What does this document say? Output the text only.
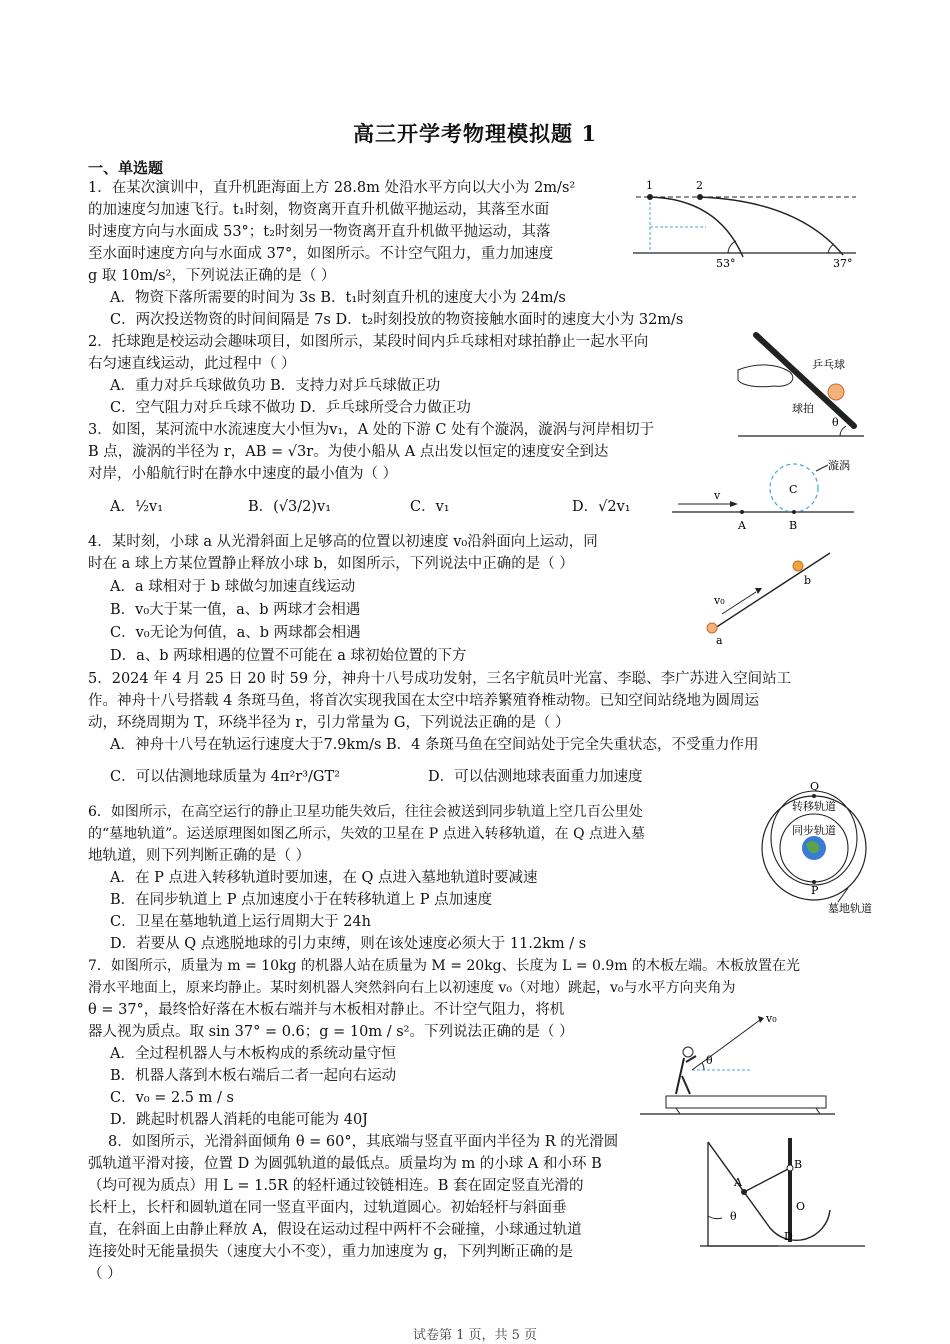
高三开学考物理模拟题 1
一、单选题
1．在某次演训中，直升机距海面上方 28.8m 处沿水平方向以大小为 2m/s²
的加速度匀加速飞行。t₁时刻，物资离开直升机做平抛运动，其落至水面
时速度方向与水面成 53°；t₂时刻另一物资离开直升机做平抛运动，其落
至水面时速度方向与水面成 37°，如图所示。不计空气阻力，重力加速度
g 取 10m/s²，下列说法正确的是（ ）
A．物资下落所需要的时间为 3s B．t₁时刻直升机的速度大小为 24m/s
C．两次投送物资的时间间隔是 7s D．t₂时刻投放的物资接触水面时的速度大小为 32m/s
2．托球跑是校运动会趣味项目，如图所示，某段时间内乒乓球相对球拍静止一起水平向
右匀速直线运动，此过程中（ ）
A．重力对乒乓球做负功 B．支持力对乒乓球做正功
C．空气阻力对乒乓球不做功 D．乒乓球所受合力做正功
3．如图，某河流中水流速度大小恒为v₁，A 处的下游 C 处有个漩涡，漩涡与河岸相切于
B 点，漩涡的半径为 r，AB = √3r。为使小船从 A 点出发以恒定的速度安全到达
对岸，小船航行时在静水中速度的最小值为（ ）
A．½v₁	B．(√3/2)v₁	C．v₁	D．√2v₁
4．某时刻，小球 a 从光滑斜面上足够高的位置以初速度 v₀沿斜面向上运动，同
时在 a 球上方某位置静止释放小球 b，如图所示，下列说法中正确的是（ ）
A．a 球相对于 b 球做匀加速直线运动
B．v₀大于某一值，a、b 两球才会相遇
C．v₀无论为何值，a、b 两球都会相遇
D．a、b 两球相遇的位置不可能在 a 球初始位置的下方
5．2024 年 4 月 25 日 20 时 59 分，神舟十八号成功发射，三名宇航员叶光富、李聪、李广苏进入空间站工
作。神舟十八号搭载 4 条斑马鱼，将首次实现我国在太空中培养繁殖脊椎动物。已知空间站绕地为圆周运
动，环绕周期为 T，环绕半径为 r，引力常量为 G，下列说法正确的是（ ）
A．神舟十八号在轨运行速度大于7.9km/s B．4 条斑马鱼在空间站处于完全失重状态，不受重力作用
C．可以估测地球质量为 4π²r³/GT²	D．可以估测地球表面重力加速度
6．如图所示，在高空运行的静止卫星功能失效后，往往会被送到同步轨道上空几百公里处
的“墓地轨道”。运送原理图如图乙所示，失效的卫星在 P 点进入转移轨道，在 Q 点进入墓
地轨道，则下列判断正确的是（ ）
A．在 P 点进入转移轨道时要加速，在 Q 点进入墓地轨道时要减速
B．在同步轨道上 P 点加速度小于在转移轨道上 P 点加速度
C．卫星在墓地轨道上运行周期大于 24h
D．若要从 Q 点逃脱地球的引力束缚，则在该处速度必须大于 11.2km / s
7．如图所示，质量为 m = 10kg 的机器人站在质量为 M = 20kg、长度为 L = 0.9m 的木板左端。木板放置在光
滑水平地面上，原来均静止。某时刻机器人突然斜向右上以初速度 v₀（对地）跳起，v₀与水平方向夹角为
θ = 37°，最终恰好落在木板右端并与木板相对静止。不计空气阻力，将机
器人视为质点。取 sin 37° = 0.6；g = 10m / s²。下列说法正确的是（ ）
A．全过程机器人与木板构成的系统动量守恒
B．机器人落到木板右端后二者一起向右运动
C．v₀ = 2.5 m / s
D．跳起时机器人消耗的电能可能为 40J
8．如图所示，光滑斜面倾角 θ = 60°，其底端与竖直平面内半径为 R 的光滑圆
弧轨道平滑对接，位置 D 为圆弧轨道的最低点。质量均为 m 的小球 A 和小环 B
（均可视为质点）用 L = 1.5R 的轻杆通过铰链相连。B 套在固定竖直光滑的
长杆上，长杆和圆轨道在同一竖直平面内，过轨道圆心。初始轻杆与斜面垂
直，在斜面上由静止释放 A，假设在运动过程中两杆不会碰撞，小球通过轨道
连接处时无能量损失（速度大小不变），重力加速度为 g，下列判断正确的是
（ ）
1	2
53°	37°
乒乓球
球拍
θ
v
A	B
C
漩涡
v₀
a
b
Q
P
转移轨道
同步轨道
墓地轨道
v₀
θ
A
B
O
D
θ
试卷第 1 页，共 5 页
